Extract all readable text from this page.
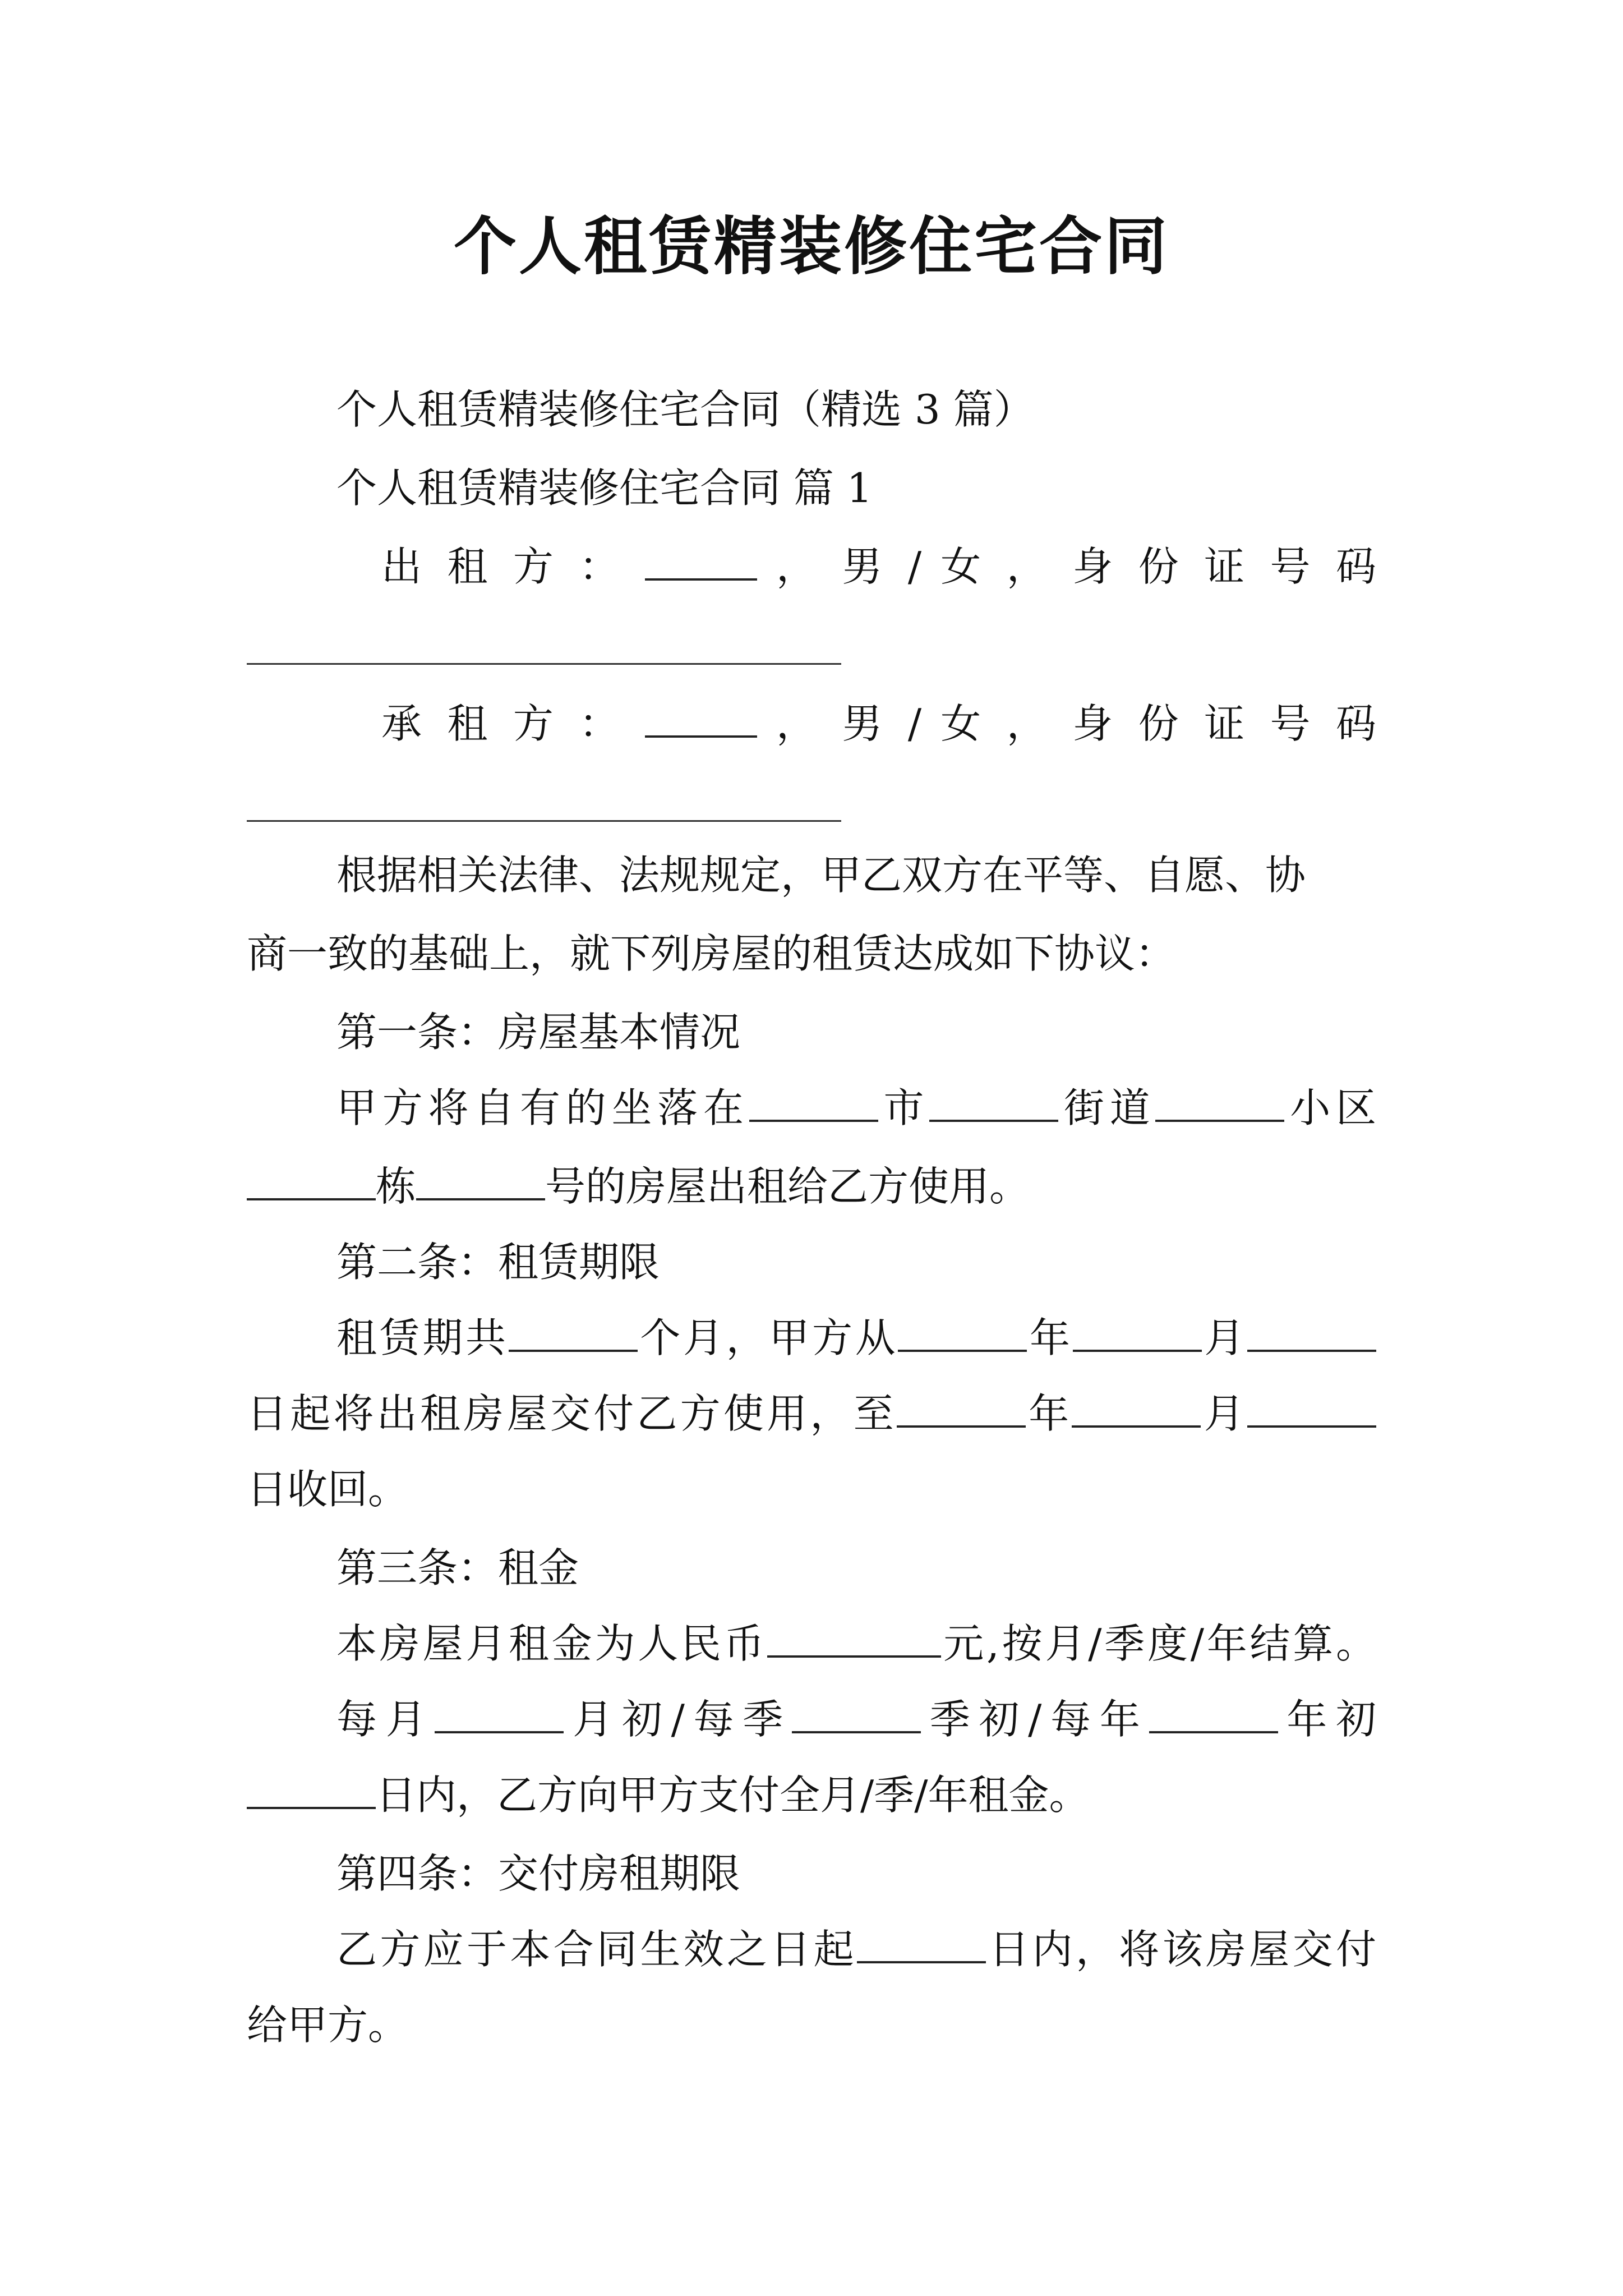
个人租赁精装修住宅合同

个人租赁精装修住宅合同（精选 3 篇）

个人租赁精装修住宅合同 篇 1

出 租 方 ：	， 男 / 女 ， 身 份 证 号 码

承 租 方 ：	， 男 / 女 ， 身 份 证 号 码

根据相关法律、法规规定，甲乙双方在平等、自愿、协

商一致的基础上，就下列房屋的租赁达成如下协议：

第一条：房屋基本情况

甲方将自有的坐落在	市	街道	小区

栋	号的房屋出租给乙方使用。

第二条：租赁期限

租赁期共	个月，甲方从	年	月

日起将出租房屋交付乙方使用，至	年	月

日收回。

第三条：租金

本房屋月租金为人民币	元,按月/季度/年结算。

每月	月初/每季	季初/每年	年初

日内，乙方向甲方支付全月/季/年租金。

第四条：交付房租期限

乙方应于本合同生效之日起	日内，将该房屋交付

给甲方。
